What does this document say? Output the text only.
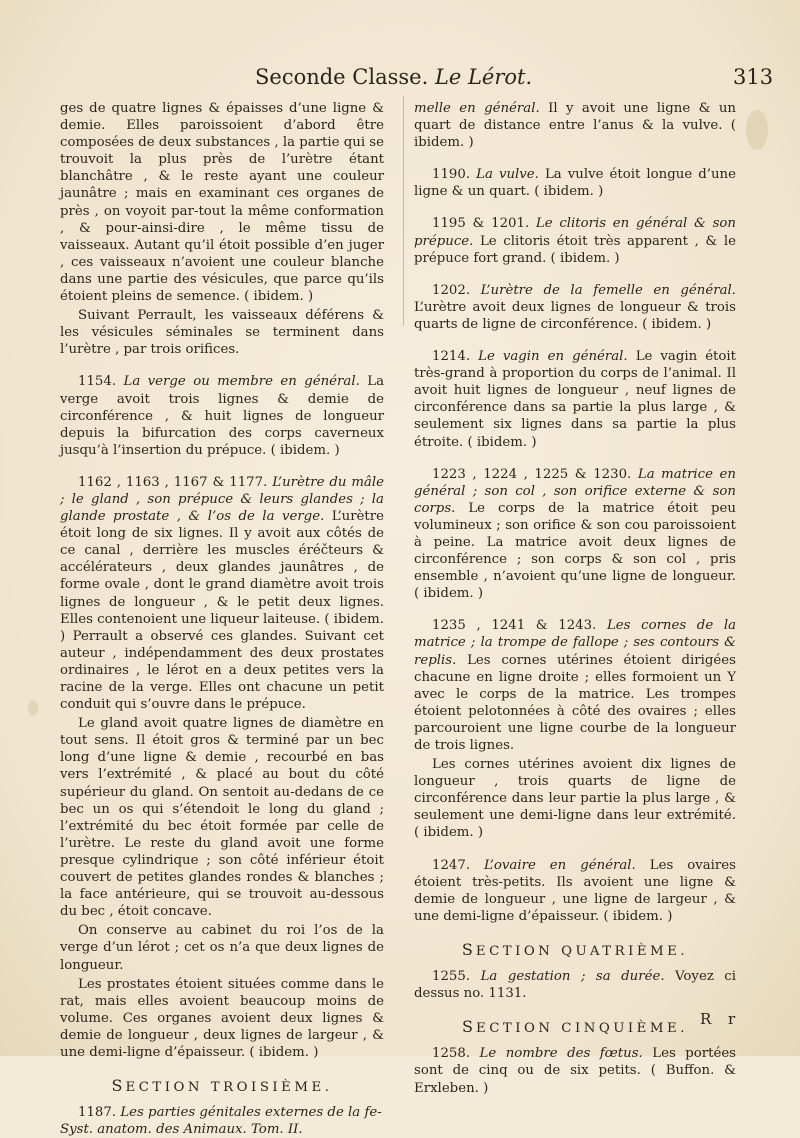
Seconde Classe. Le Lérot.	313

ges de quatre lignes & épaisses d’une ligne & demie. Elles paroissoient d’abord être composées de deux substances , la partie qui se trouvoit la plus près de l’urètre étant blanchâtre , & le reste ayant une couleur jaunâtre ; mais en examinant ces organes de près , on voyoit par-tout la même conformation , & pour-ainsi-dire , le même tissu de vaisseaux. Autant qu’il étoit possible d’en juger , ces vaisseaux n’avoient une couleur blanche dans une partie des vésicules, que parce qu’ils étoient pleins de semence. ( ibidem. )

Suivant Perrault, les vaisseaux déférens & les vésicules séminales se terminent dans l’urètre , par trois orifices.

1154. La verge ou membre en général. La verge avoit trois lignes & demie de circonférence , & huit lignes de longueur depuis la bifurcation des corps caverneux jusqu’à l’insertion du prépuce. ( ibidem. )

1162 , 1163 , 1167 & 1177. L’urètre du mâle ; le gland , son prépuce & leurs glandes ; la glande prostate , & l’os de la verge. L’urètre étoit long de six lignes. Il y avoit aux côtés de ce canal , derrière les muscles éréčteurs & accélérateurs , deux glandes jaunâtres , de forme ovale , dont le grand diamètre avoit trois lignes de longueur , & le petit deux lignes. Elles contenoient une liqueur laiteuse. ( ibidem. ) Perrault a observé ces glandes. Suivant cet auteur , indépendamment des deux prostates ordinaires , le lérot en a deux petites vers la racine de la verge. Elles ont chacune un petit conduit qui s’ouvre dans le prépuce.

Le gland avoit quatre lignes de diamètre en tout sens. Il étoit gros & terminé par un bec long d’une ligne & demie , recourbé en bas vers l’extrémité , & placé au bout du côté supérieur du gland. On sentoit au-dedans de ce bec un os qui s’étendoit le long du gland ; l’extrémité du bec étoit formée par celle de l’urètre. Le reste du gland avoit une forme presque cylindrique ; son côté inférieur étoit couvert de petites glandes rondes & blanches ; la face antérieure, qui se trouvoit au-dessous du bec , étoit concave.

On conserve au cabinet du roi l’os de la verge d’un lérot ; cet os n’a que deux lignes de longueur.

Les prostates étoient situées comme dans le rat, mais elles avoient beaucoup moins de volume. Ces organes avoient deux lignes & demie de longueur , deux lignes de largeur , & une demi-ligne d’épaisseur. ( ibidem. )

SECTION TROISIÈME.

1187. Les parties génitales externes de la fe-

Syst. anatom. des Animaux. Tom. II.

melle en général. Il y avoit une ligne & un quart de distance entre l’anus & la vulve. ( ibidem. )

1190. La vulve. La vulve étoit longue d’une ligne & un quart. ( ibidem. )

1195 & 1201. Le clitoris en général & son prépuce. Le clitoris étoit très apparent , & le prépuce fort grand. ( ibidem. )

1202. L’urètre de la femelle en général. L’urètre avoit deux lignes de longueur & trois quarts de ligne de circonférence. ( ibidem. )

1214. Le vagin en général. Le vagin étoit très-grand à proportion du corps de l’animal. Il avoit huit lignes de longueur , neuf lignes de circonférence dans sa partie la plus large , & seulement six lignes dans sa partie la plus étroite. ( ibidem. )

1223 , 1224 , 1225 & 1230. La matrice en général ; son col , son orifice externe & son corps. Le corps de la matrice étoit peu volumineux ; son orifice & son cou paroissoient à peine. La matrice avoit deux lignes de circonférence ; son corps & son col , pris ensemble , n’avoient qu’une ligne de longueur. ( ibidem. )

1235 , 1241 & 1243. Les cornes de la matrice ; la trompe de fallope ; ses contours & replis. Les cornes utérines étoient dirigées chacune en ligne droite ; elles formoient un Y avec le corps de la matrice. Les trompes étoient pelotonnées à côté des ovaires ; elles parcouroient une ligne courbe de la longueur de trois lignes.

Les cornes utérines avoient dix lignes de longueur , trois quarts de ligne de circonférence dans leur partie la plus large , & seulement une demi-ligne dans leur extrémité. ( ibidem. )

1247. L’ovaire en général. Les ovaires étoient très-petits. Ils avoient une ligne & demie de longueur , une ligne de largeur , & une demi-ligne d’épaisseur. ( ibidem. )

SECTION QUATRIÈME.

1255. La gestation ; sa durée. Voyez ci dessus no. 1131.

SECTION CINQUIÈME.

1258. Le nombre des fœtus. Les portées sont de cinq ou de six petits. ( Buffon. & Erxleben. )

R r
